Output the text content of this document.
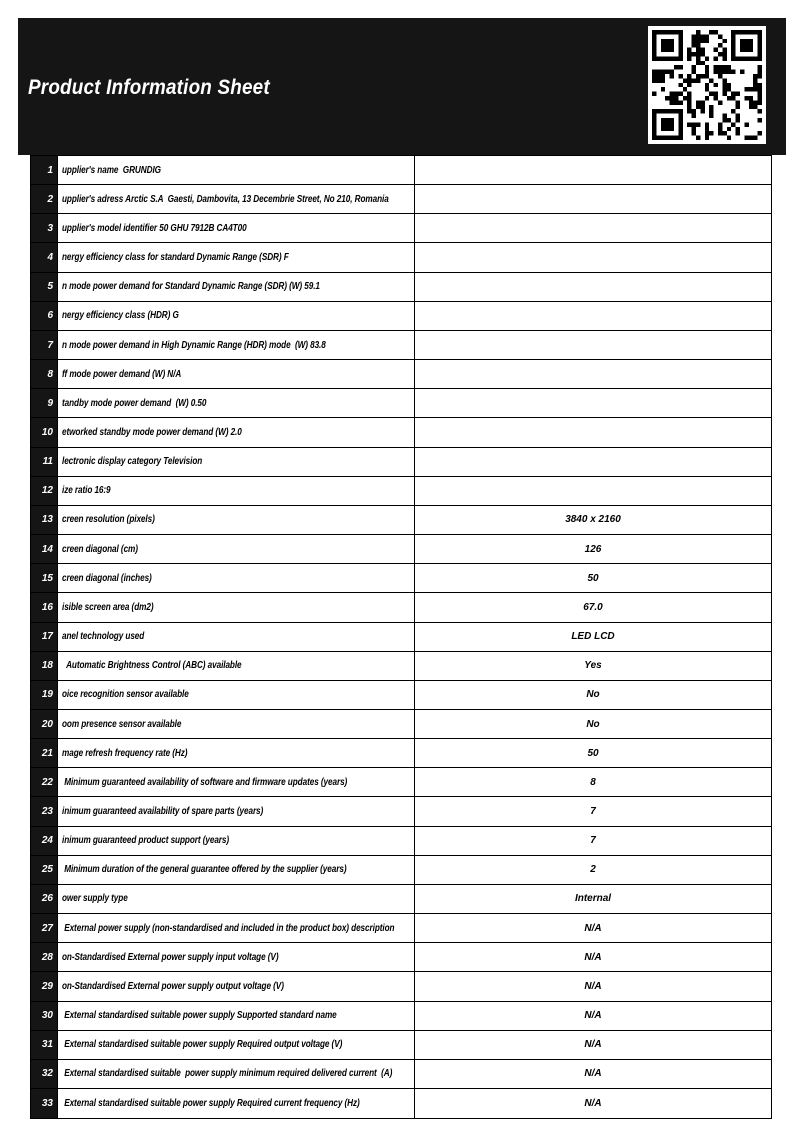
Product Information Sheet
1 upplier's name  GRUNDIG
2 upplier's adress Arctic S.A  Gaesti, Dambovita, 13 Decembrie Street, No 210, Romania
3 upplier's model identifier 50 GHU 7912B CA4T00
4 nergy efficiency class for standard Dynamic Range (SDR) F
5 n mode power demand for Standard Dynamic Range (SDR) (W) 59.1
6 nergy efficiency class (HDR) G
7 n mode power demand in High Dynamic Range (HDR) mode  (W) 83.8
8 ff mode power demand (W) N/A
9 tandby mode power demand  (W) 0.50
10 etworked standby mode power demand (W) 2.0
11 lectronic display category Television
12 ize ratio 16:9
13 creen resolution (pixels)	3840 x 2160
14 creen diagonal (cm)	126
15 creen diagonal (inches)	50
16 isible screen area (dm2)	67.0
17 anel technology used	LED LCD
18 Automatic Brightness Control (ABC) available	Yes
19 oice recognition sensor available	No
20 oom presence sensor available	No
21 mage refresh frequency rate (Hz)	50
22 Minimum guaranteed availability of software and firmware updates (years)	8
23 inimum guaranteed availability of spare parts (years)	7
24 inimum guaranteed product support (years)	7
25 Minimum duration of the general guarantee offered by the supplier (years)	2
26 ower supply type	Internal
27 External power supply (non-standardised and included in the product box) description	N/A
28 on-Standardised External power supply input voltage (V)	N/A
29 on-Standardised External power supply output voltage (V)	N/A
30 External standardised suitable power supply Supported standard name	N/A
31 External standardised suitable power supply Required output voltage (V)	N/A
32 External standardised suitable  power supply minimum required delivered current  (A)	N/A
33 External standardised suitable power supply Required current frequency (Hz)	N/A
